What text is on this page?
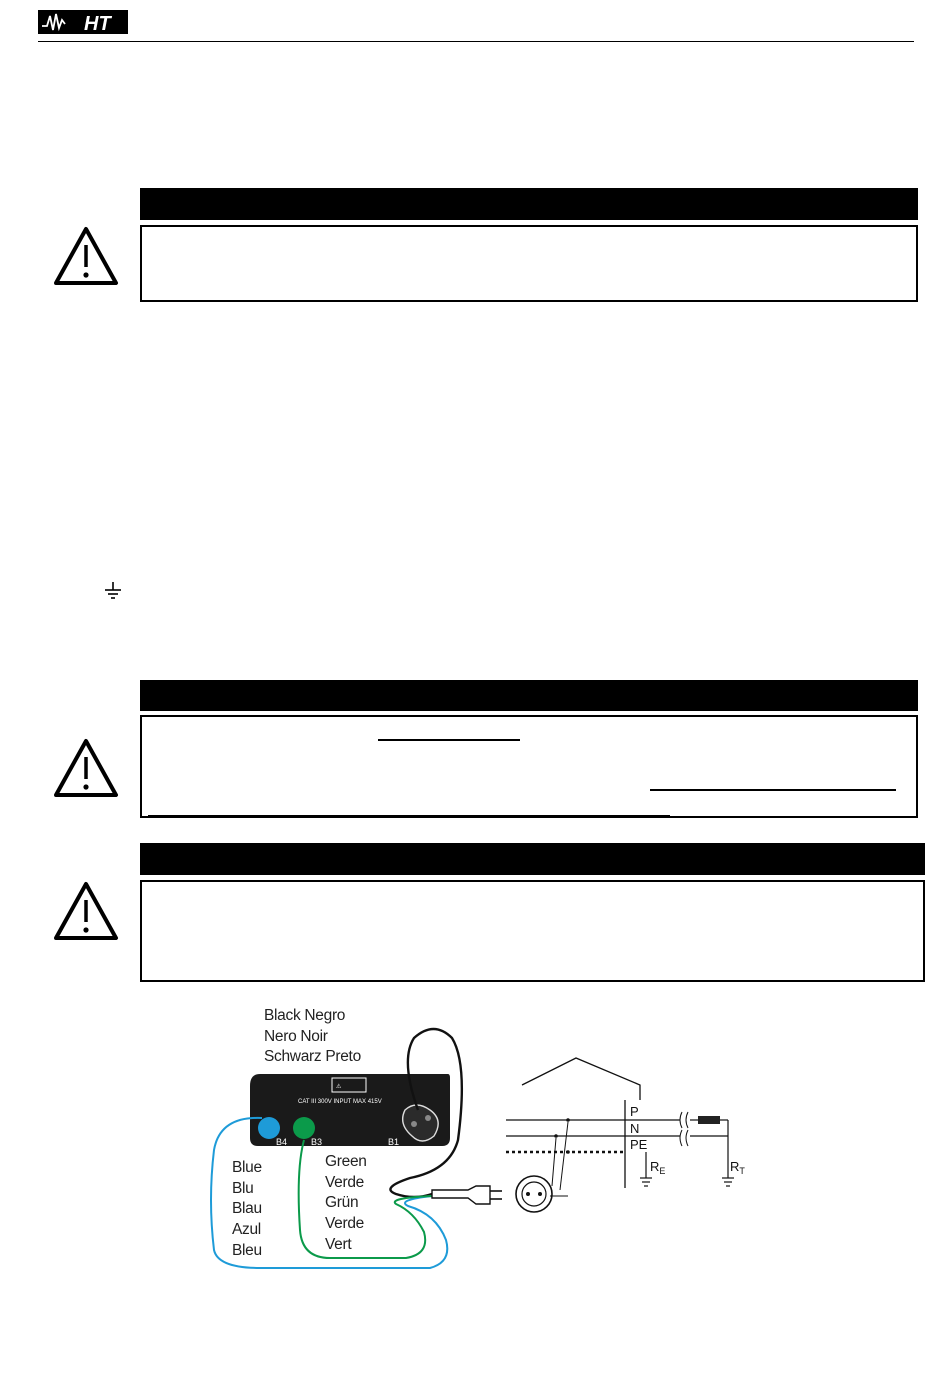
HT
Black Negro
Nero Noir
Schwarz Preto
⚠
CAT III 300V INPUT MAX 415V
B4	B3	B1
Blue
Blu
Blau
Azul
Bleu
Green
Verde
Grün
Verde
Vert
P
N
PE
$R_E$	$R_T$
